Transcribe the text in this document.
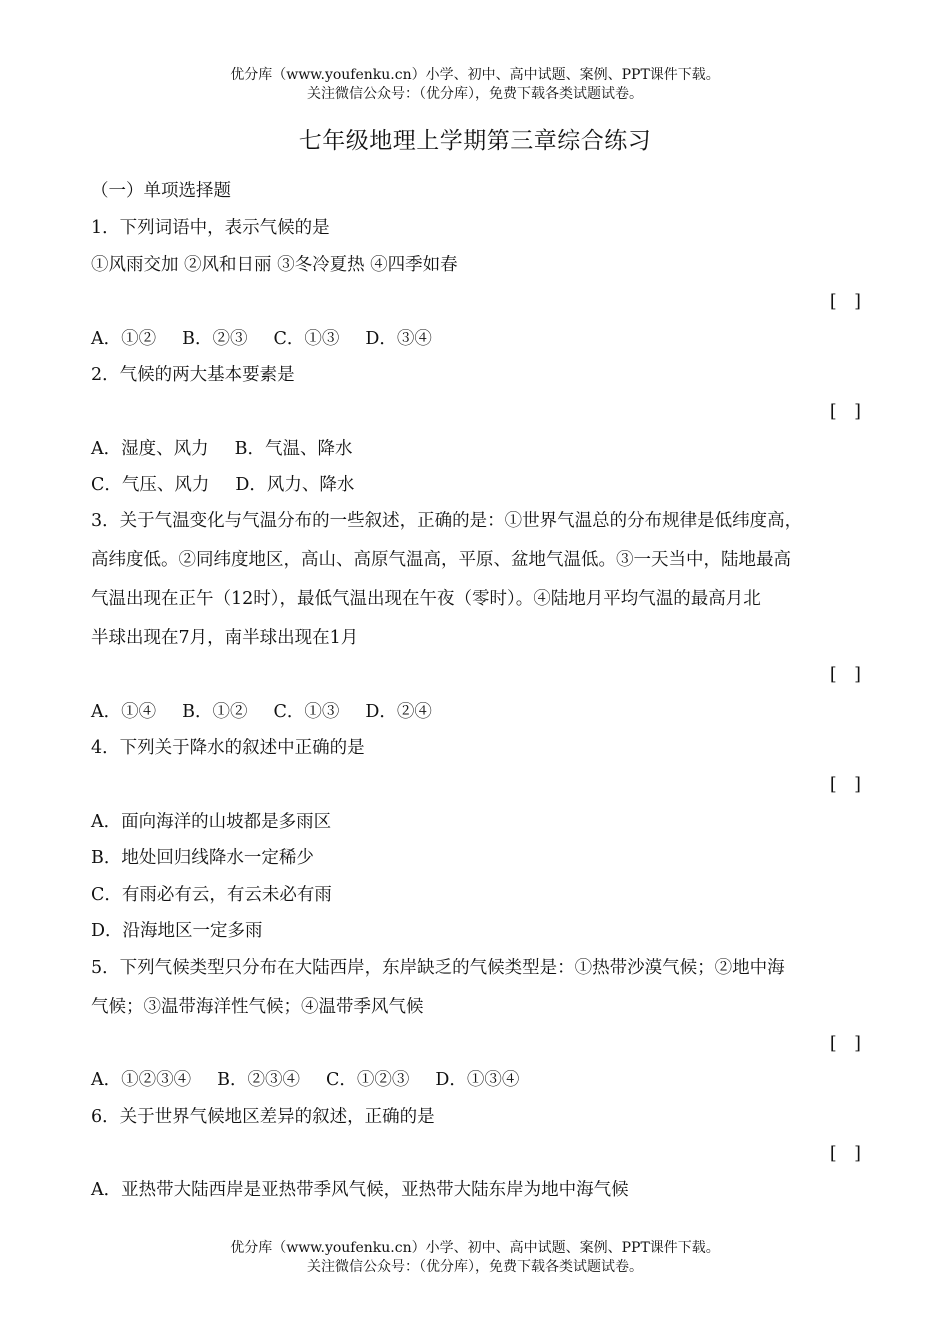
优分库（www.youfenku.cn）小学、初中、高中试题、案例、PPT课件下载。
关注微信公众号：（优分库），免费下载各类试题试卷。
七年级地理上学期第三章综合练习
（一）单项选择题
1．下列词语中，表示气候的是
①风雨交加 ②风和日丽 ③冬冷夏热 ④四季如春
[　]
A．①② B．②③ C．①③ D．③④
2．气候的两大基本要素是
[　]
A．湿度、风力 B．气温、降水
C．气压、风力 D．风力、降水
3．关于气温变化与气温分布的一些叙述，正确的是：①世界气温总的分布规律是低纬度高，
高纬度低。②同纬度地区，高山、高原气温高，平原、盆地气温低。③一天当中，陆地最高
气温出现在正午（12时），最低气温出现在午夜（零时）。④陆地月平均气温的最高月北
半球出现在7月，南半球出现在1月
[　]
A．①④ B．①② C．①③ D．②④
4．下列关于降水的叙述中正确的是
[　]
A．面向海洋的山坡都是多雨区
B．地处回归线降水一定稀少
C．有雨必有云，有云未必有雨
D．沿海地区一定多雨
5．下列气候类型只分布在大陆西岸，东岸缺乏的气候类型是：①热带沙漠气候；②地中海
气候；③温带海洋性气候；④温带季风气候
[　]
A．①②③④ B．②③④ C．①②③ D．①③④
6．关于世界气候地区差异的叙述，正确的是
[　]
A．亚热带大陆西岸是亚热带季风气候，亚热带大陆东岸为地中海气候
优分库（www.youfenku.cn）小学、初中、高中试题、案例、PPT课件下载。
关注微信公众号：（优分库），免费下载各类试题试卷。
